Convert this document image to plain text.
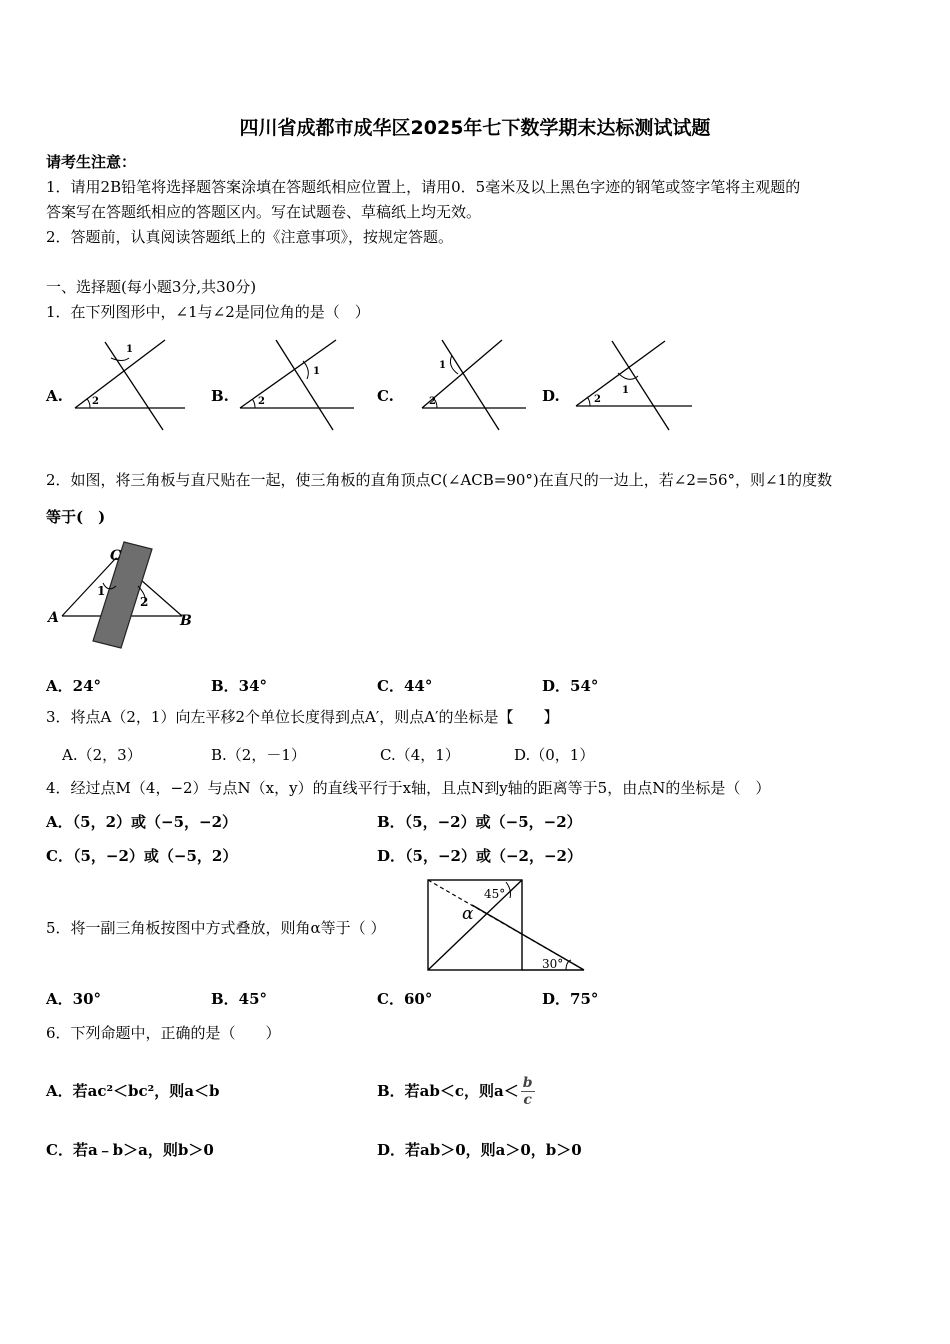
四川省成都市成华区2025年七下数学期末达标测试试题
请考生注意：
1．请用2B铅笔将选择题答案涂填在答题纸相应位置上，请用0．5毫米及以上黑色字迹的钢笔或签字笔将主观题的
答案写在答题纸相应的答题区内。写在试题卷、草稿纸上均无效。
2．答题前，认真阅读答题纸上的《注意事项》，按规定答题。
一、选择题(每小题3分,共30分)
1．在下列图形中，∠1与∠2是同位角的是（　）
A.
1
2	B.
1
2	C.
1
2	D.	1
2
2．如图，将三角板与直尺贴在一起，使三角板的直角顶点C(∠ACB=90°)在直尺的一边上，若∠2=56°，则∠1的度数
等于(　)
C
A	B
1
2
A．24°	B．34°	C．44°	D．54°
3．将点A（2，1）向左平移2个单位长度得到点A′，则点A′的坐标是【　　】
A.（2，3）	B.（2，－1）	C.（4，1）	D.（0，1）
4．经过点M（4，−2）与点N（x，y）的直线平行于x轴，且点N到y轴的距离等于5，由点N的坐标是（　）
A．（5，2）或（−5，−2）	B．（5，−2）或（−5，−2）
C．（5，−2）或（−5，2）	D．（5，−2）或（−2，−2）
5．将一副三角板按图中方式叠放，则角α等于（ ）
45°
α
30°
A．30°	B．45°	C．60°	D．75°
6．下列命题中，正确的是（　　）
A．若ac²＜bc²，则a＜b	B．若ab＜c，则$a< \frac{b}{c}$
C．若a﹣b＞a，则b＞0	D．若ab＞0，则a＞0，b＞0
